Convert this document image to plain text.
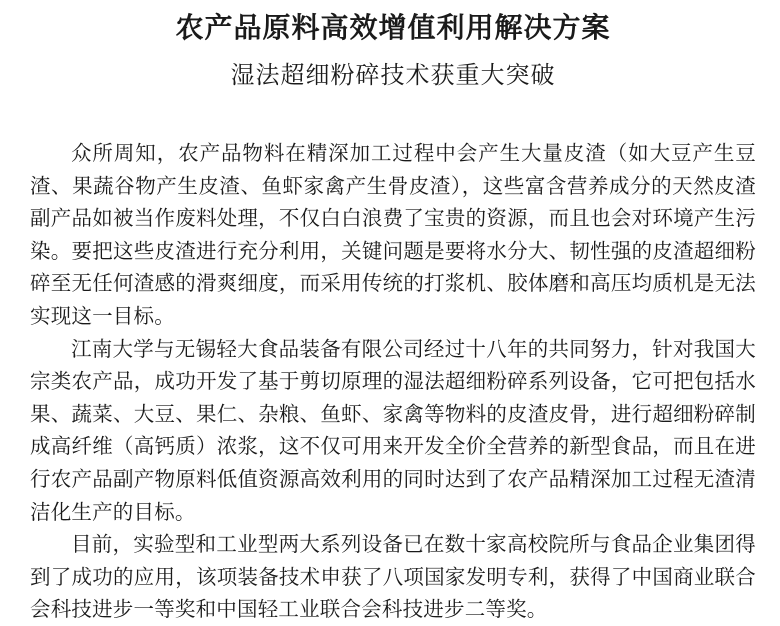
农产品原料高效增值利用解决方案
湿法超细粉碎技术获重大突破

众所周知，农产品物料在精深加工过程中会产生大量皮渣（如大豆产生豆渣、果蔬谷物产生皮渣、鱼虾家禽产生骨皮渣），这些富含营养成分的天然皮渣副产品如被当作废料处理，不仅白白浪费了宝贵的资源，而且也会对环境产生污染。要把这些皮渣进行充分利用，关键问题是要将水分大、韧性强的皮渣超细粉碎至无任何渣感的滑爽细度，而采用传统的打浆机、胶体磨和高压均质机是无法实现这一目标。

江南大学与无锡轻大食品装备有限公司经过十八年的共同努力，针对我国大宗类农产品，成功开发了基于剪切原理的湿法超细粉碎系列设备，它可把包括水果、蔬菜、大豆、果仁、杂粮、鱼虾、家禽等物料的皮渣皮骨，进行超细粉碎制成高纤维（高钙质）浓浆，这不仅可用来开发全价全营养的新型食品，而且在进行农产品副产物原料低值资源高效利用的同时达到了农产品精深加工过程无渣清洁化生产的目标。

目前，实验型和工业型两大系列设备已在数十家高校院所与食品企业集团得到了成功的应用，该项装备技术申获了八项国家发明专利，获得了中国商业联合会科技进步一等奖和中国轻工业联合会科技进步二等奖。
